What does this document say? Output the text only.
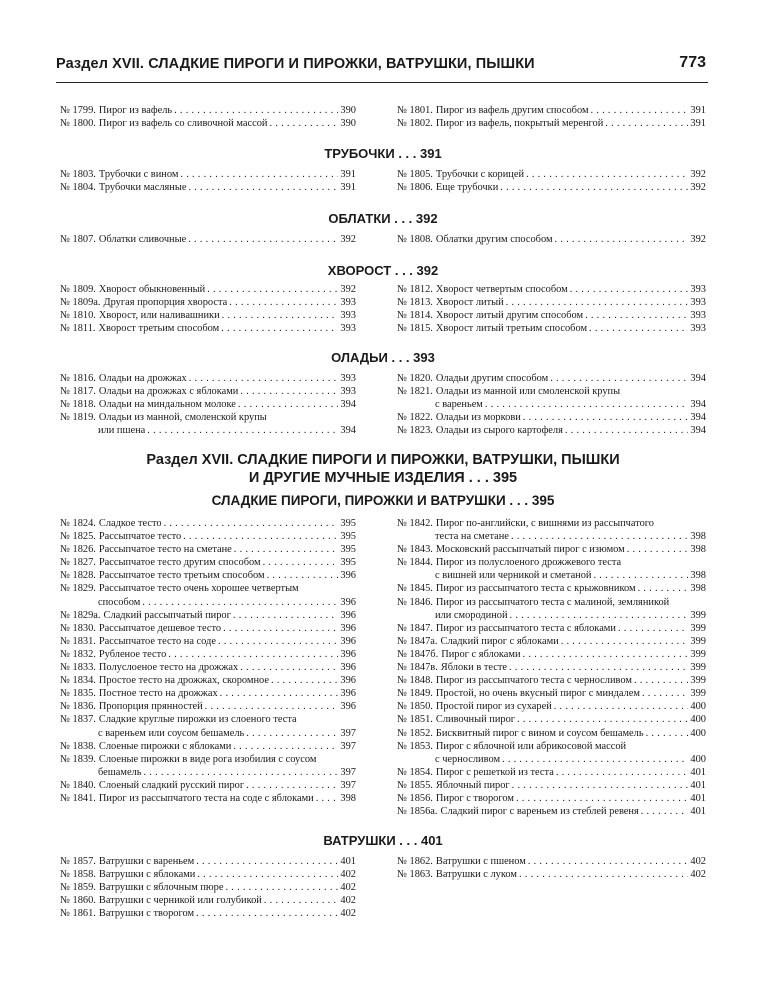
Раздел XVII. СЛАДКИЕ ПИРОГИ И ПИРОЖКИ, ВАТРУШКИ, ПЫШКИ	773
№ 1799. Пирог из вафель . . .	390
№ 1800. Пирог из вафель со сливочной массой . . .	390
№ 1801. Пирог из вафель другим способом . . .	391
№ 1802. Пирог из вафель, покрытый меренгой . . .	391
ТРУБОЧКИ . . . 391
№ 1803. Трубочки с вином . . .	391
№ 1804. Трубочки масляные . . .	391
№ 1805. Трубочки с корицей . . .	392
№ 1806. Еще трубочки . . .	392
ОБЛАТКИ . . . 392
№ 1807. Облатки сливочные . . .	392	№ 1808. Облатки другим способом . . .	392
ХВОРОСТ . . . 392
№ 1809. Хворост обыкновенный . . .	392
№ 1809а. Другая пропорция хвороста . . .	393
№ 1810. Хворост, или наливашники . . .	393
№ 1811. Хворост третьим способом . . .	393
№ 1812. Хворост четвертым способом . . .	393
№ 1813. Хворост литый . . .	393
№ 1814. Хворост литый другим способом . . .	393
№ 1815. Хворост литый третьим способом . . .	393
ОЛАДЬИ . . . 393
№ 1816. Оладьи на дрожжах . . .	393
№ 1817. Оладьи на дрожжах с яблоками . . .	393
№ 1818. Оладьи на миндальном молоке . . .	394
№ 1819. Оладьи из манной, смоленской крупы
или пшена . . .	394
№ 1820. Оладьи другим способом . . .	394
№ 1821. Оладьи из манной или смоленской крупы
с вареньем . . .	394
№ 1822. Оладьи из моркови . . .	394
№ 1823. Оладьи из сырого картофеля . . .	394
Раздел XVII. СЛАДКИЕ ПИРОГИ И ПИРОЖКИ, ВАТРУШКИ, ПЫШКИ
И ДРУГИЕ МУЧНЫЕ ИЗДЕЛИЯ . . . 395
СЛАДКИЕ ПИРОГИ, ПИРОЖКИ И ВАТРУШКИ . . . 395
№ 1824. Сладкое тесто . . .	395
№ 1825. Рассыпчатое тесто . . .	395
№ 1826. Рассыпчатое тесто на сметане . . .	395
№ 1827. Рассыпчатое тесто другим способом . . .	395
№ 1828. Рассыпчатое тесто третьим способом . . .	396
№ 1829. Рассыпчатое тесто очень хорошее четвертым
способом . . .	396
№ 1829а. Сладкий рассыпчатый пирог . . .	396
№ 1830. Рассыпчатое дешевое тесто . . .	396
№ 1831. Рассыпчатое тесто на соде . . .	396
№ 1832. Рубленое тесто . . .	396
№ 1833. Полуслоеное тесто на дрожжах . . .	396
№ 1834. Простое тесто на дрожжах, скоромное . . .	396
№ 1835. Постное тесто на дрожжах . . .	396
№ 1836. Пропорция прянностей . . .	396
№ 1837. Сладкие круглые пирожки из слоеного теста
с вареньем или соусом бешамель . . .	397
№ 1838. Слоеные пирожки с яблоками . . .	397
№ 1839. Слоеные пирожки в виде рога изобилия с соусом
бешамель . . .	397
№ 1840. Слоеный сладкий русский пирог . . .	397
№ 1841. Пирог из рассыпчатого теста на соде с яблоками . . .	398
№ 1842. Пирог по-английски, с вишнями из рассыпчатого
теста на сметане . . .	398
№ 1843. Московский рассыпчатый пирог с изюмом . . .	398
№ 1844. Пирог из полуслоеного дрожжевого теста
с вишней или черникой и сметаной . . .	398
№ 1845. Пирог из рассыпчатого теста с крыжовником . . .	398
№ 1846. Пирог из рассыпчатого теста с малиной, земляникой
или смородиной . . .	399
№ 1847. Пирог из рассыпчатого теста с яблоками . . .	399
№ 1847а. Сладкий пирог с яблоками . . .	399
№ 1847б. Пирог с яблоками . . .	399
№ 1847в. Яблоки в тесте . . .	399
№ 1848. Пирог из рассыпчатого теста с черносливом . . .	399
№ 1849. Простой, но очень вкусный пирог с миндалем . . .	399
№ 1850. Простой пирог из сухарей . . .	400
№ 1851. Сливочный пирог . . .	400
№ 1852. Бисквитный пирог с вином и соусом бешамель . . .	400
№ 1853. Пирог с яблочной или абрикосовой массой
с черносливом . . .	400
№ 1854. Пирог с решеткой из теста . . .	401
№ 1855. Яблочный пирог . . .	401
№ 1856. Пирог с творогом . . .	401
№ 1856а. Сладкий пирог с вареньем из стеблей ревеня . . .	401
ВАТРУШКИ . . . 401
№ 1857. Ватрушки с вареньем . . .	401
№ 1858. Ватрушки с яблоками . . .	402
№ 1859. Ватрушки с яблочным пюре . . .	402
№ 1860. Ватрушки с черникой или голубикой . . .	402
№ 1861. Ватрушки с творогом . . .	402
№ 1862. Ватрушки с пшеном . . .	402
№ 1863. Ватрушки с луком . . .	402
